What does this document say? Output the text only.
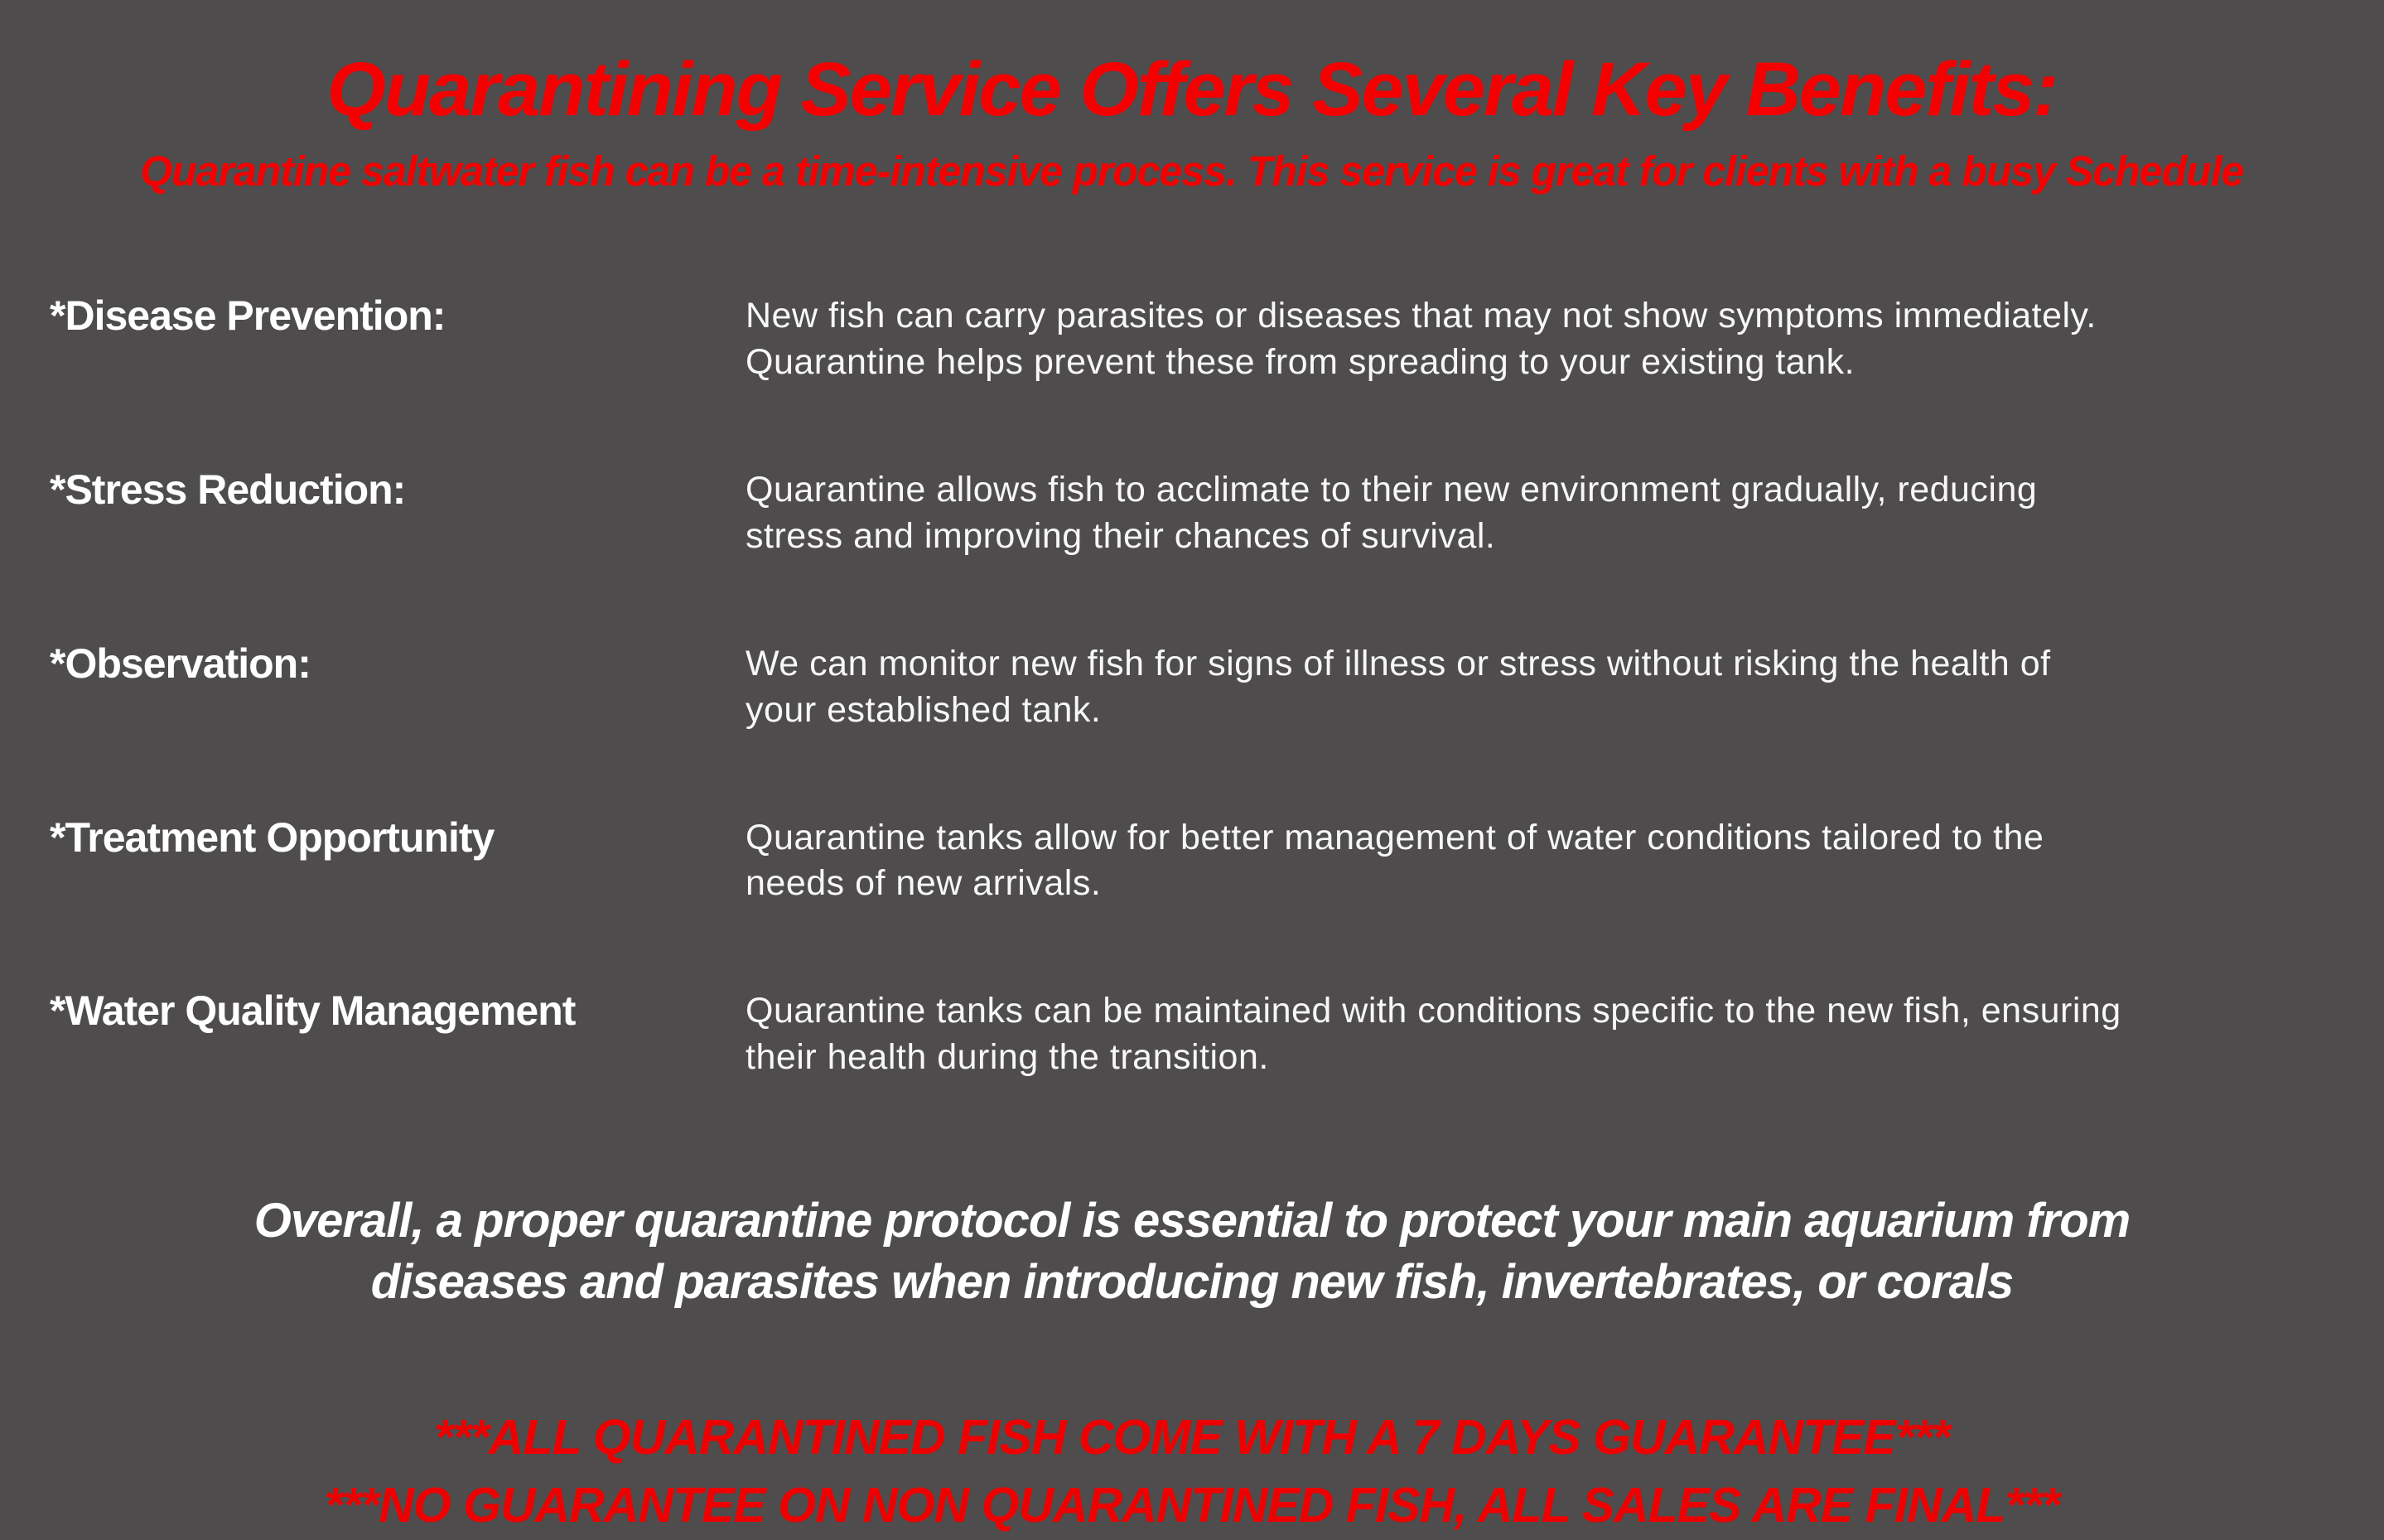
Quarantining Service Offers Several Key Benefits:
Quarantine saltwater fish can be a time-intensive process. This service is great for clients with a busy Schedule
*Disease Prevention:	New fish can carry parasites or diseases that may not show symptoms immediately.
Quarantine helps prevent these from spreading to your existing tank.
*Stress Reduction:	Quarantine allows fish to acclimate to their new environment gradually, reducing
stress and improving their chances of survival.
*Observation:	We can monitor new fish for signs of illness or stress without risking the health of
your established tank.
*Treatment Opportunity	Quarantine tanks allow for better management of water conditions tailored to the
needs of new arrivals.
*Water Quality Management	Quarantine tanks can be maintained with conditions specific to the new fish, ensuring
their health during the transition.
Overall, a proper quarantine protocol is essential to protect your main aquarium from
diseases and parasites when introducing new fish, invertebrates, or corals
***ALL QUARANTINED FISH COME WITH A 7 DAYS GUARANTEE***
***NO GUARANTEE ON NON QUARANTINED FISH, ALL SALES ARE FINAL***
